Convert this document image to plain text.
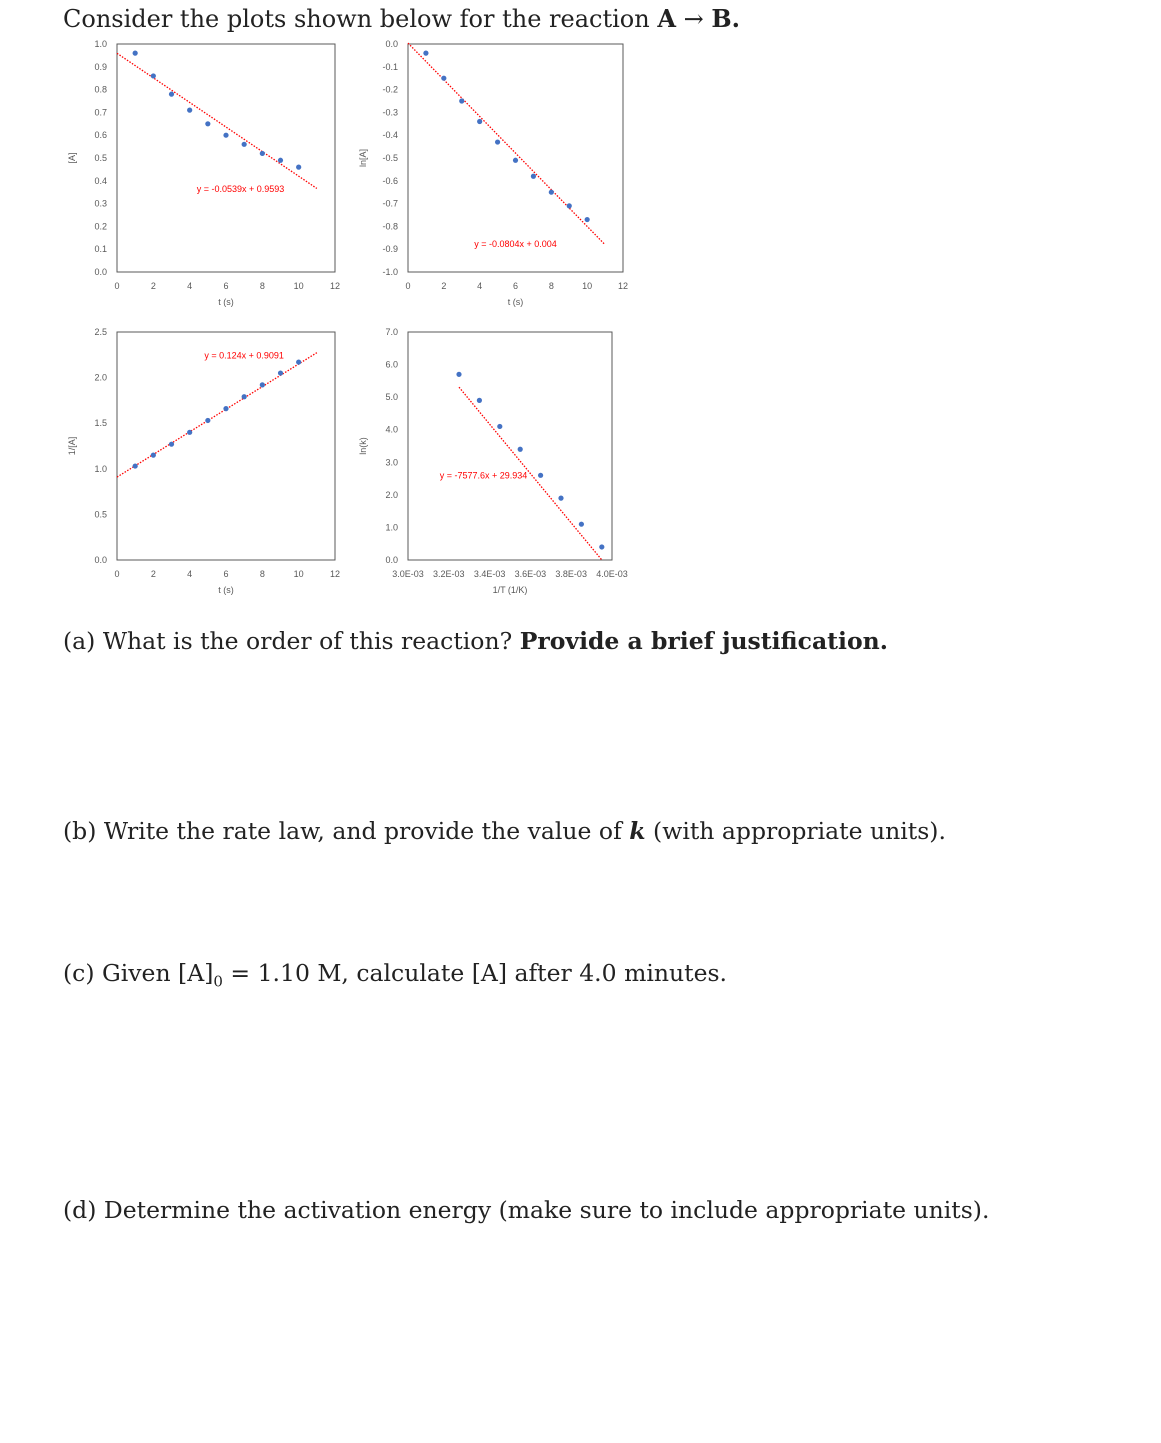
Consider the plots shown below for the reaction A → B.
0.0
0.1
0.2
0.3
0.4
0.5
0.6
0.7
0.8
0.9
1.0
0	2	4	6	8	10	12
t (s)
[A]
y = -0.0539x + 0.9593
-1.0
-0.9
-0.8
-0.7
-0.6
-0.5
-0.4
-0.3
-0.2
-0.1
0.0
0	2	4	6	8	10	12
t (s)
ln[A]
y = -0.0804x + 0.004
0.0
0.5
1.0
1.5
2.0
2.5
0	2	4	6	8	10	12
t (s)
1/[A]
y = 0.124x + 0.9091
0.0
1.0
2.0
3.0
4.0
5.0
6.0
7.0
3.0E-03 3.2E-03 3.4E-03 3.6E-03 3.8E-03 4.0E-03
1/T (1/K)
ln(k)
y = -7577.6x + 29.934
(a) What is the order of this reaction? Provide a brief justification.
(b) Write the rate law, and provide the value of k (with appropriate units).
(c) Given $[A]_0 = 1.10$ M, calculate [A] after 4.0 minutes.
(d) Determine the activation energy (make sure to include appropriate units).
